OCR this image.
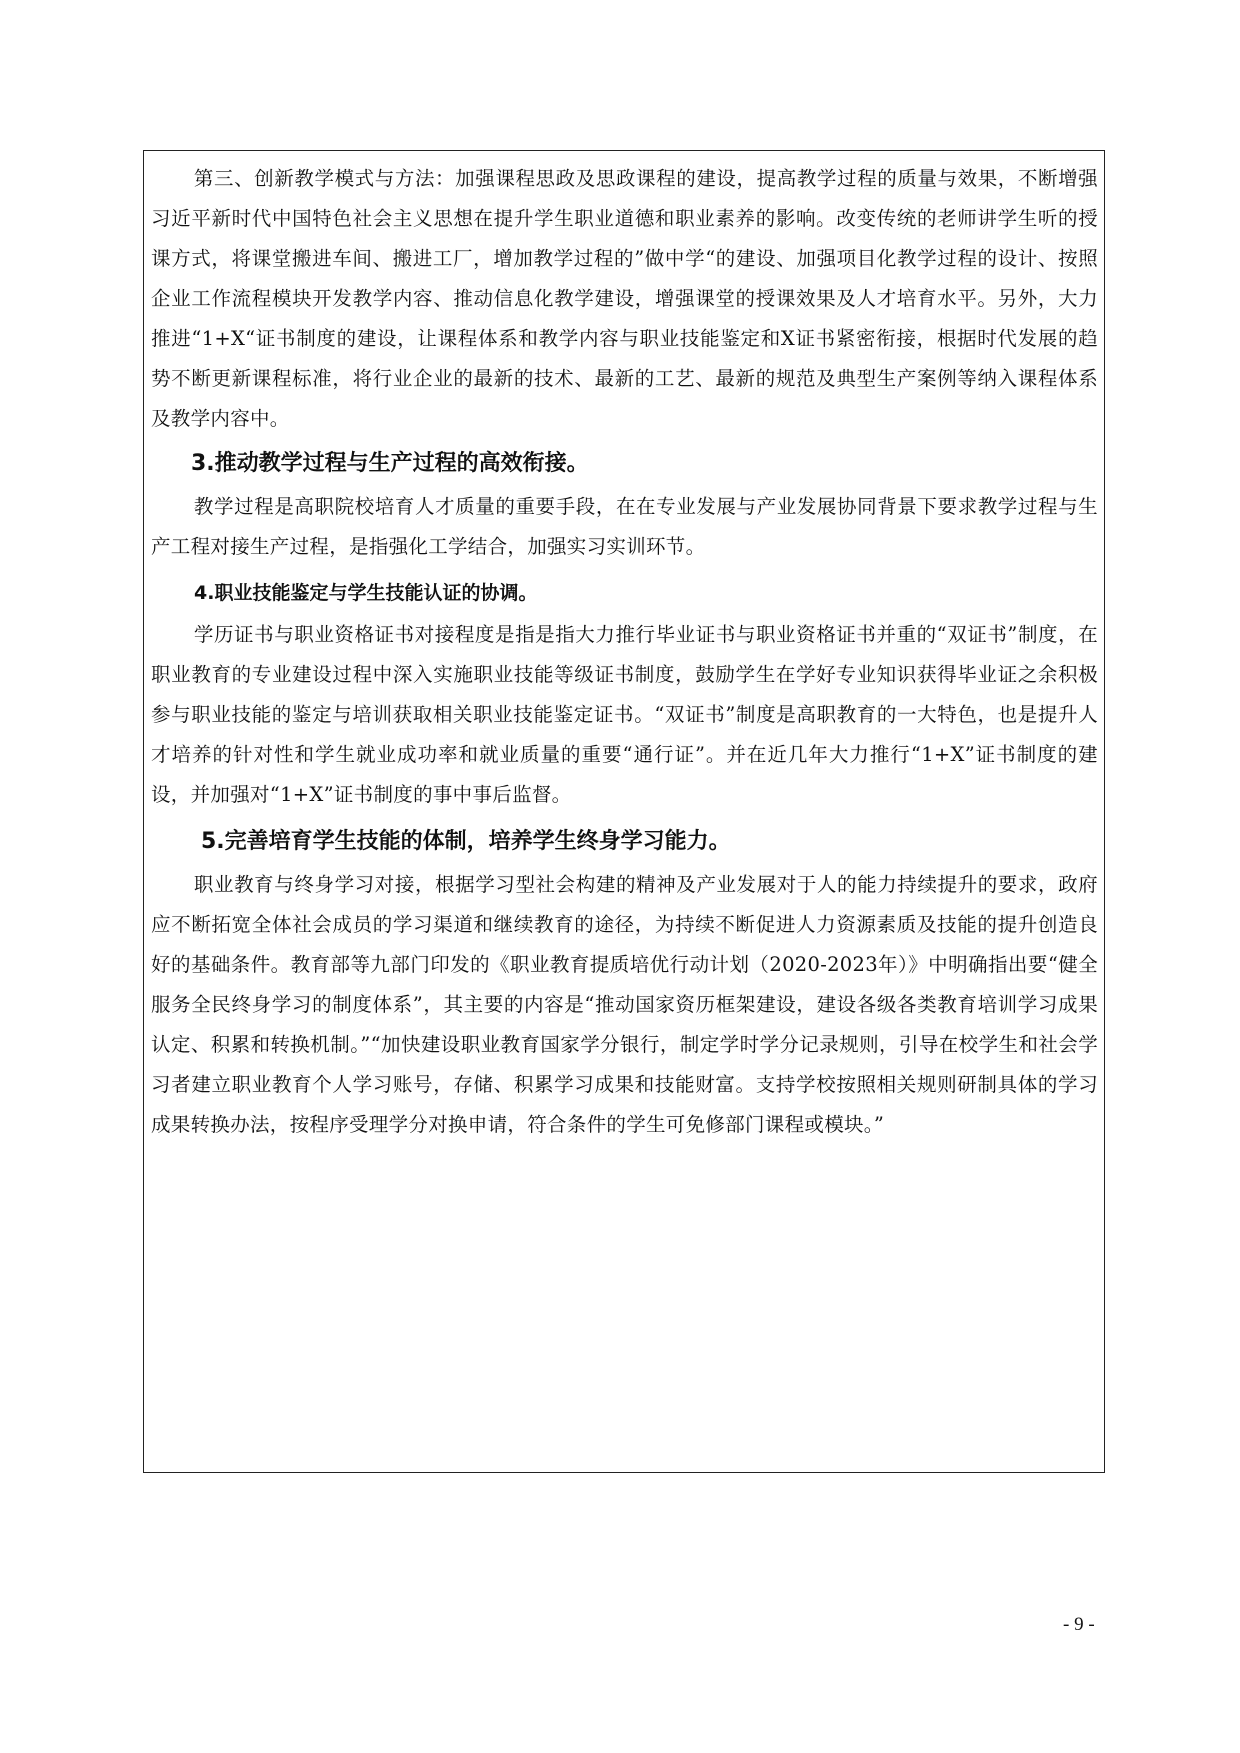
第三、创新教学模式与方法：加强课程思政及思政课程的建设，提高教学过程的质量与效果，不断增强习近平新时代中国特色社会主义思想在提升学生职业道德和职业素养的影响。改变传统的老师讲学生听的授课方式，将课堂搬进车间、搬进工厂，增加教学过程的”做中学“的建设、加强项目化教学过程的设计、按照企业工作流程模块开发教学内容、推动信息化教学建设，增强课堂的授课效果及人才培育水平。另外，大力推进“1+X“证书制度的建设，让课程体系和教学内容与职业技能鉴定和X证书紧密衔接，根据时代发展的趋势不断更新课程标准，将行业企业的最新的技术、最新的工艺、最新的规范及典型生产案例等纳入课程体系及教学内容中。

3.推动教学过程与生产过程的高效衔接。

教学过程是高职院校培育人才质量的重要手段，在在专业发展与产业发展协同背景下要求教学过程与生产工程对接生产过程，是指强化工学结合，加强实习实训环节。

4.职业技能鉴定与学生技能认证的协调。

学历证书与职业资格证书对接程度是指是指大力推行毕业证书与职业资格证书并重的“双证书”制度，在职业教育的专业建设过程中深入实施职业技能等级证书制度，鼓励学生在学好专业知识获得毕业证之余积极参与职业技能的鉴定与培训获取相关职业技能鉴定证书。“双证书”制度是高职教育的一大特色，也是提升人才培养的针对性和学生就业成功率和就业质量的重要“通行证”。并在近几年大力推行“1+X”证书制度的建设，并加强对“1+X”证书制度的事中事后监督。

5.完善培育学生技能的体制，培养学生终身学习能力。

职业教育与终身学习对接，根据学习型社会构建的精神及产业发展对于人的能力持续提升的要求，政府应不断拓宽全体社会成员的学习渠道和继续教育的途径，为持续不断促进人力资源素质及技能的提升创造良好的基础条件。教育部等九部门印发的《职业教育提质培优行动计划（2020-2023年）》中明确指出要“健全服务全民终身学习的制度体系”，其主要的内容是“推动国家资历框架建设，建设各级各类教育培训学习成果认定、积累和转换机制。”“加快建设职业教育国家学分银行，制定学时学分记录规则，引导在校学生和社会学习者建立职业教育个人学习账号，存储、积累学习成果和技能财富。支持学校按照相关规则研制具体的学习成果转换办法，按程序受理学分对换申请，符合条件的学生可免修部门课程或模块。”

- 9 -
